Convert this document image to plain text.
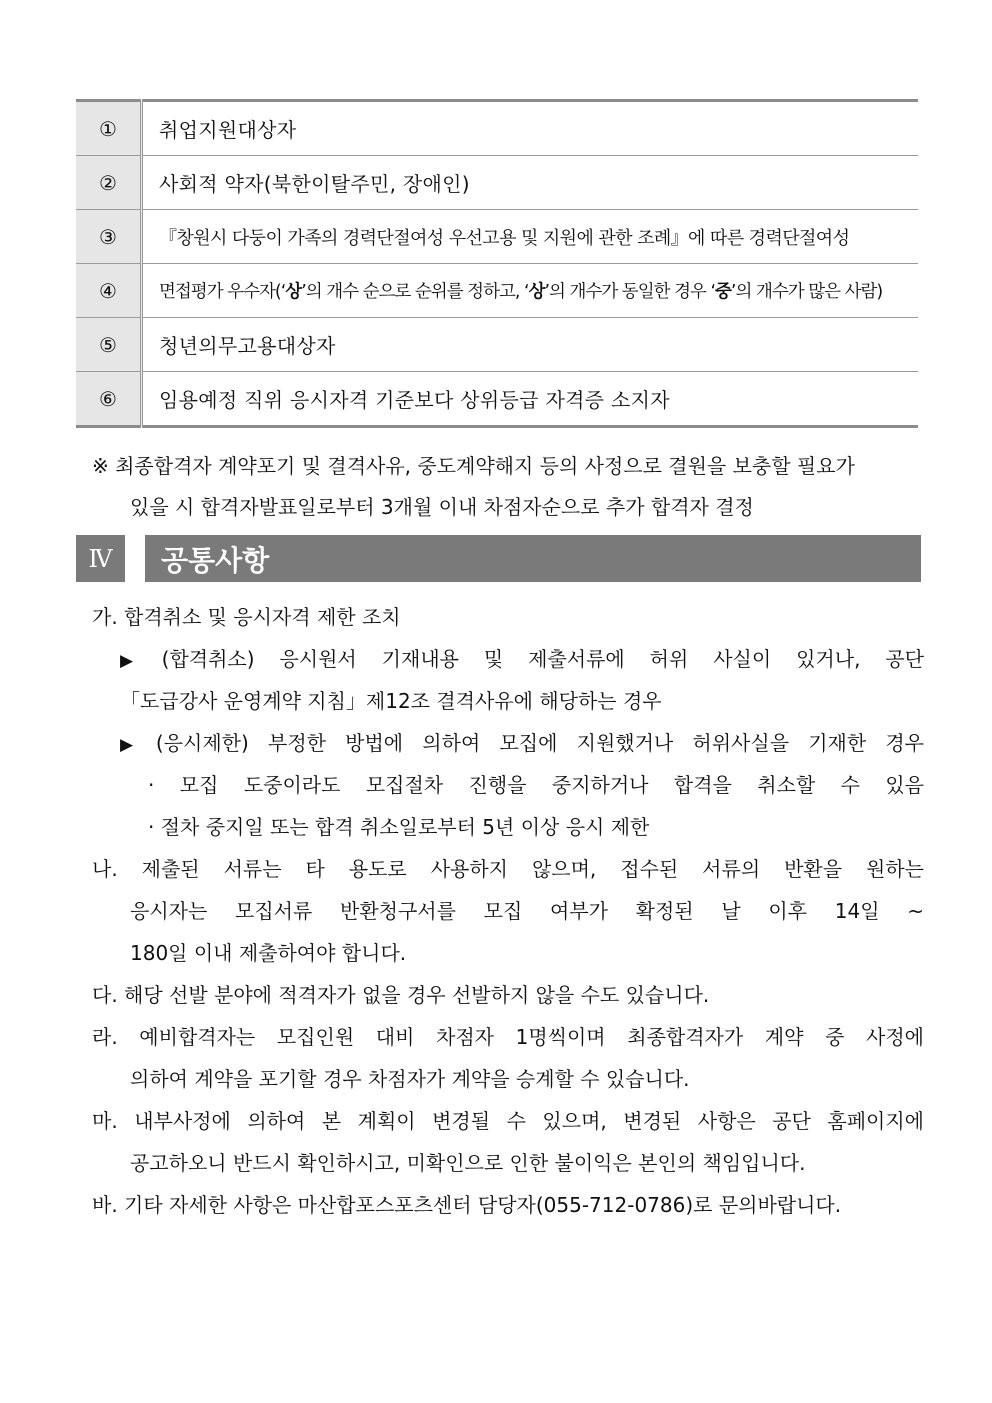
①	취업지원대상자
②	사회적 약자(북한이탈주민, 장애인)
③	『창원시 다둥이 가족의 경력단절여성 우선고용 및 지원에 관한 조례』에 따른 경력단절여성
④	면접평가 우수자(‘상’의 개수 순으로 순위를 정하고, ‘상’의 개수가 동일한 경우 ‘중’의 개수가 많은 사람)
⑤	청년의무고용대상자
⑥	임용예정 직위 응시자격 기준보다 상위등급 자격증 소지자
※ 최종합격자 계약포기 및 결격사유, 중도계약해지 등의 사정으로 결원을 보충할 필요가
있을 시 합격자발표일로부터 3개월 이내 차점자순으로 추가 합격자 결정
Ⅳ	공통사항
가. 합격취소 및 응시자격 제한 조치
▶ (합격취소) 응시원서 기재내용 및 제출서류에 허위 사실이 있거나, 공단
「도급강사 운영계약 지침」제12조 결격사유에 해당하는 경우
▶ (응시제한) 부정한 방법에 의하여 모집에 지원했거나 허위사실을 기재한 경우
· 모집 도중이라도 모집절차 진행을 중지하거나 합격을 취소할 수 있음
· 절차 중지일 또는 합격 취소일로부터 5년 이상 응시 제한
나. 제출된 서류는 타 용도로 사용하지 않으며, 접수된 서류의 반환을 원하는
응시자는 모집서류 반환청구서를 모집 여부가 확정된 날 이후 14일 ~
180일 이내 제출하여야 합니다.
다. 해당 선발 분야에 적격자가 없을 경우 선발하지 않을 수도 있습니다.
라. 예비합격자는 모집인원 대비 차점자 1명씩이며 최종합격자가 계약 중 사정에
의하여 계약을 포기할 경우 차점자가 계약을 승계할 수 있습니다.
마. 내부사정에 의하여 본 계획이 변경될 수 있으며, 변경된 사항은 공단 홈페이지에
공고하오니 반드시 확인하시고, 미확인으로 인한 불이익은 본인의 책임입니다.
바. 기타 자세한 사항은 마산합포스포츠센터 담당자(055-712-0786)로 문의바랍니다.
